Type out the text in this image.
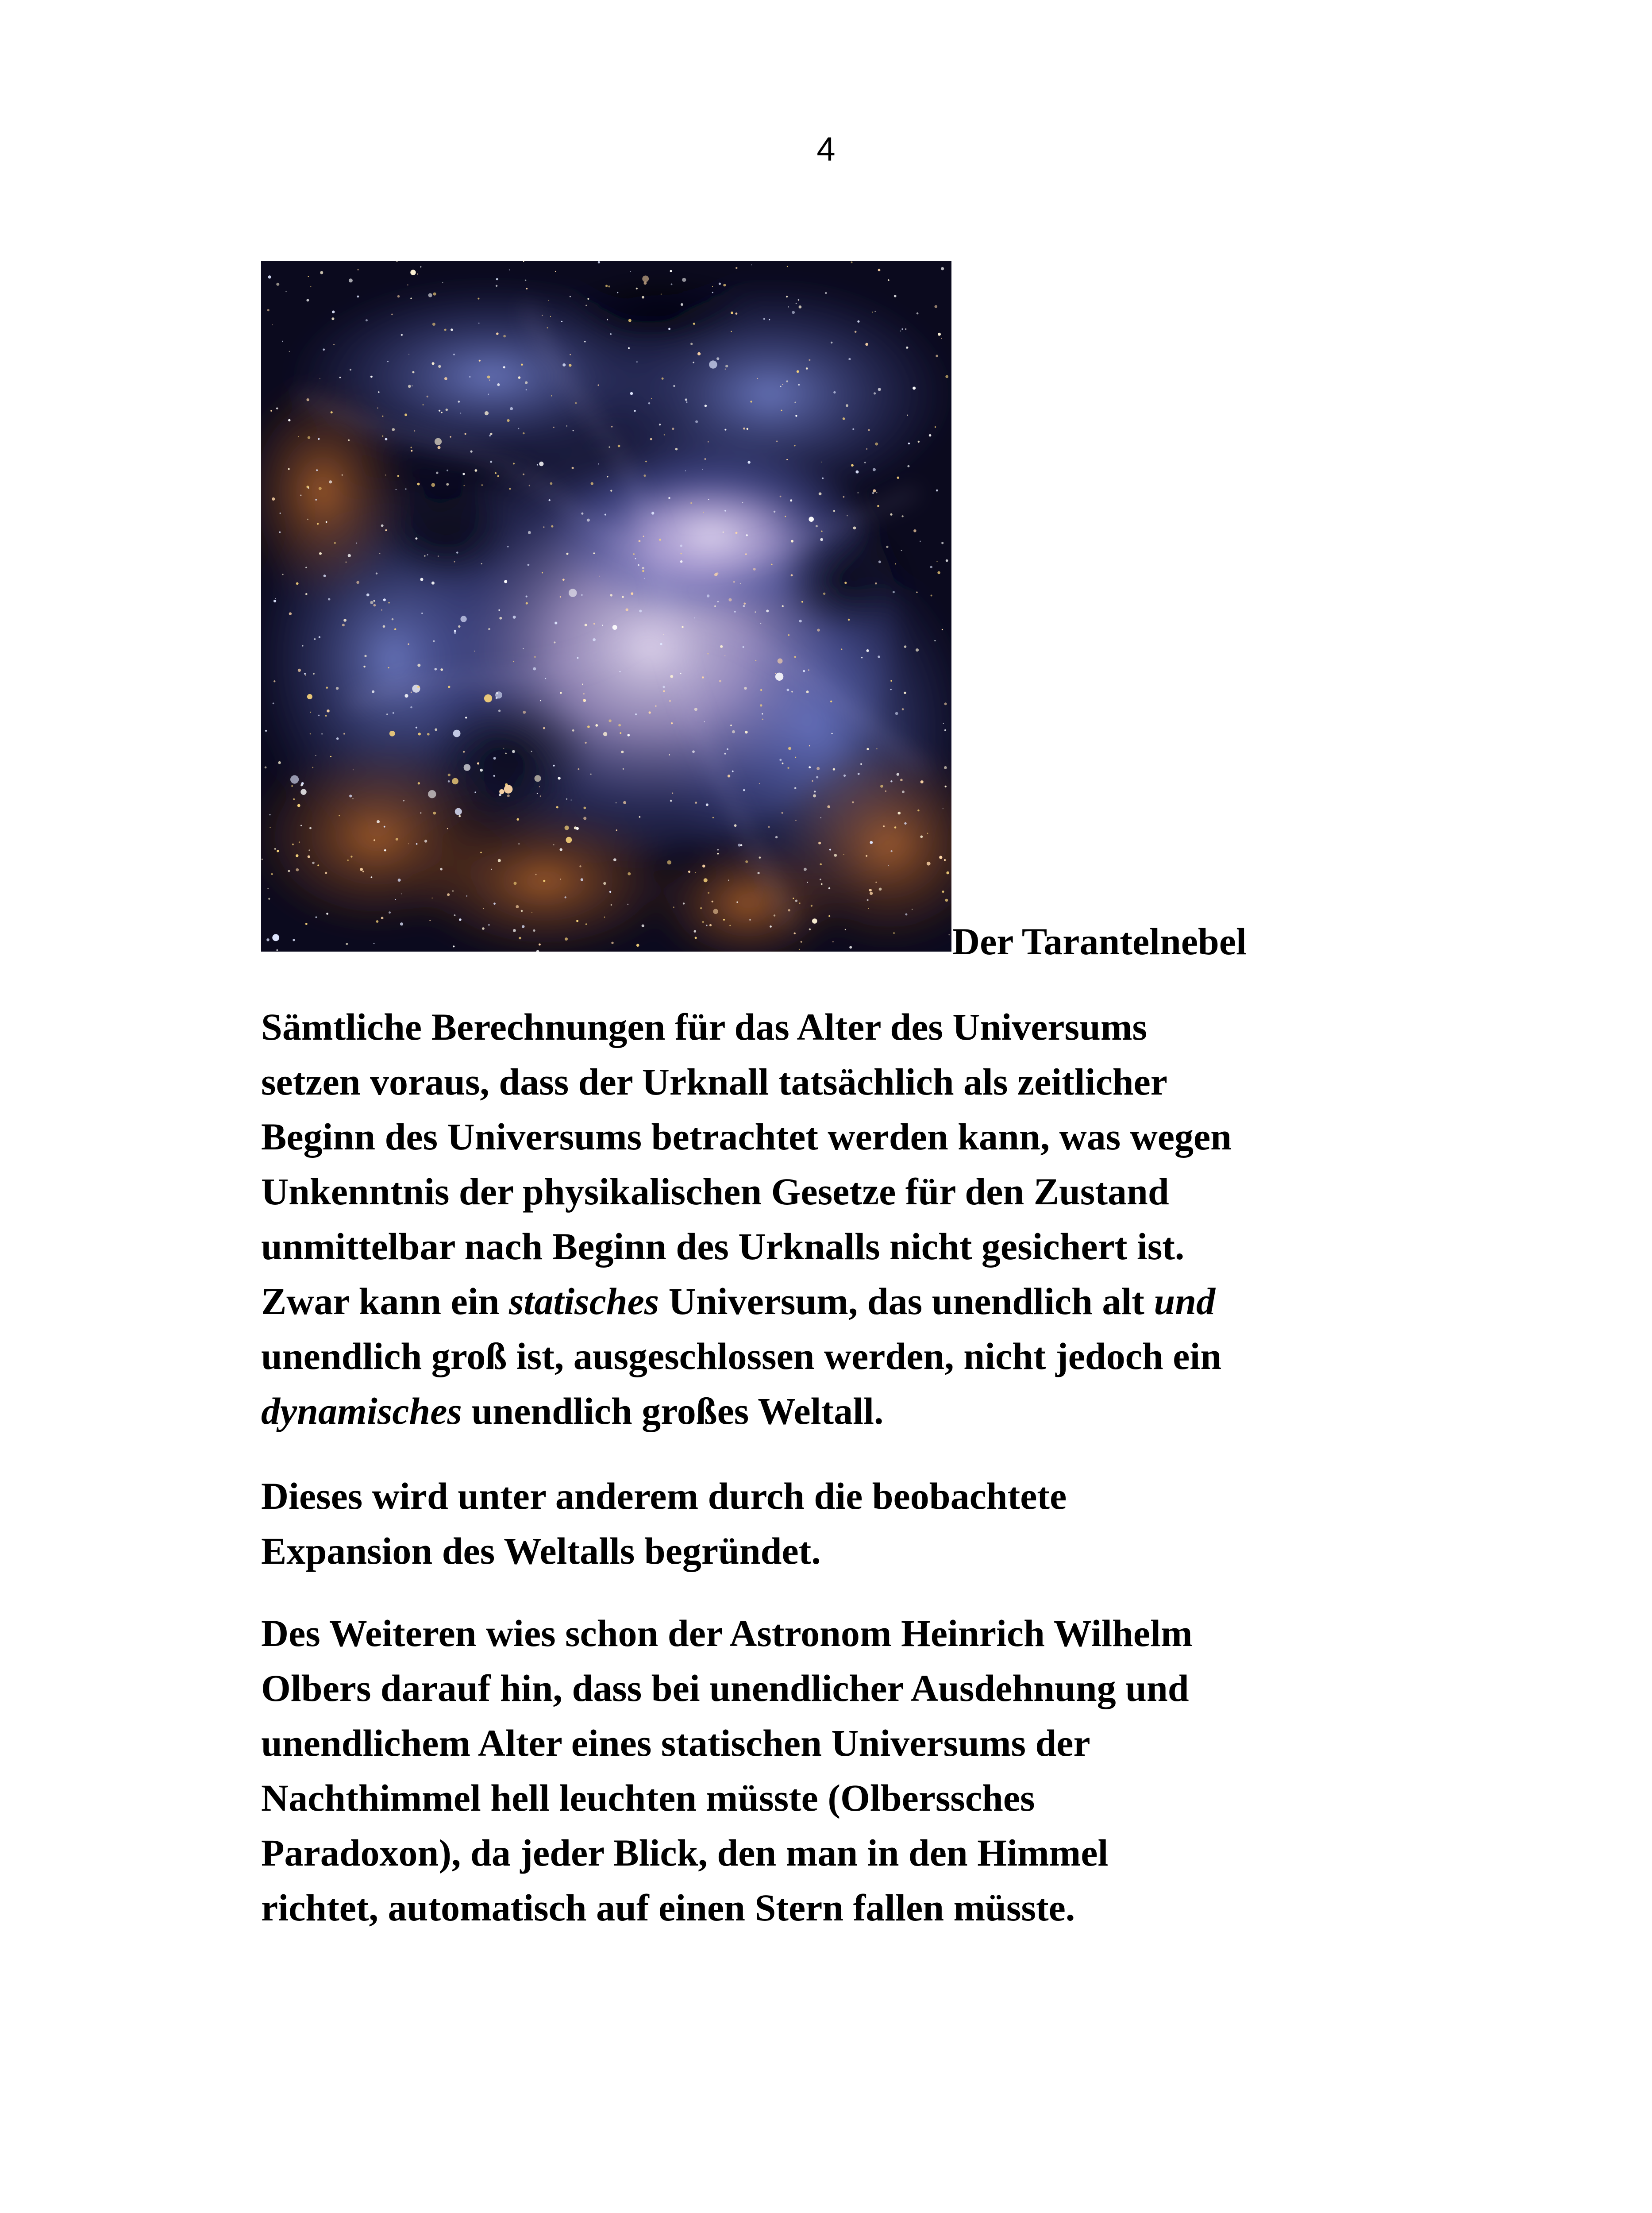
4
Der Tarantelnebel

Sämtliche Berechnungen für das Alter des Universums
setzen voraus, dass der Urknall tatsächlich als zeitlicher
Beginn des Universums betrachtet werden kann, was wegen
Unkenntnis der physikalischen Gesetze für den Zustand
unmittelbar nach Beginn des Urknalls nicht gesichert ist.
Zwar kann ein statisches Universum, das unendlich alt und
unendlich groß ist, ausgeschlossen werden, nicht jedoch ein
dynamisches unendlich großes Weltall.

Dieses wird unter anderem durch die beobachtete
Expansion des Weltalls begründet.

Des Weiteren wies schon der Astronom Heinrich Wilhelm
Olbers darauf hin, dass bei unendlicher Ausdehnung und
unendlichem Alter eines statischen Universums der
Nachthimmel hell leuchten müsste (Olberssches
Paradoxon), da jeder Blick, den man in den Himmel
richtet, automatisch auf einen Stern fallen müsste.
